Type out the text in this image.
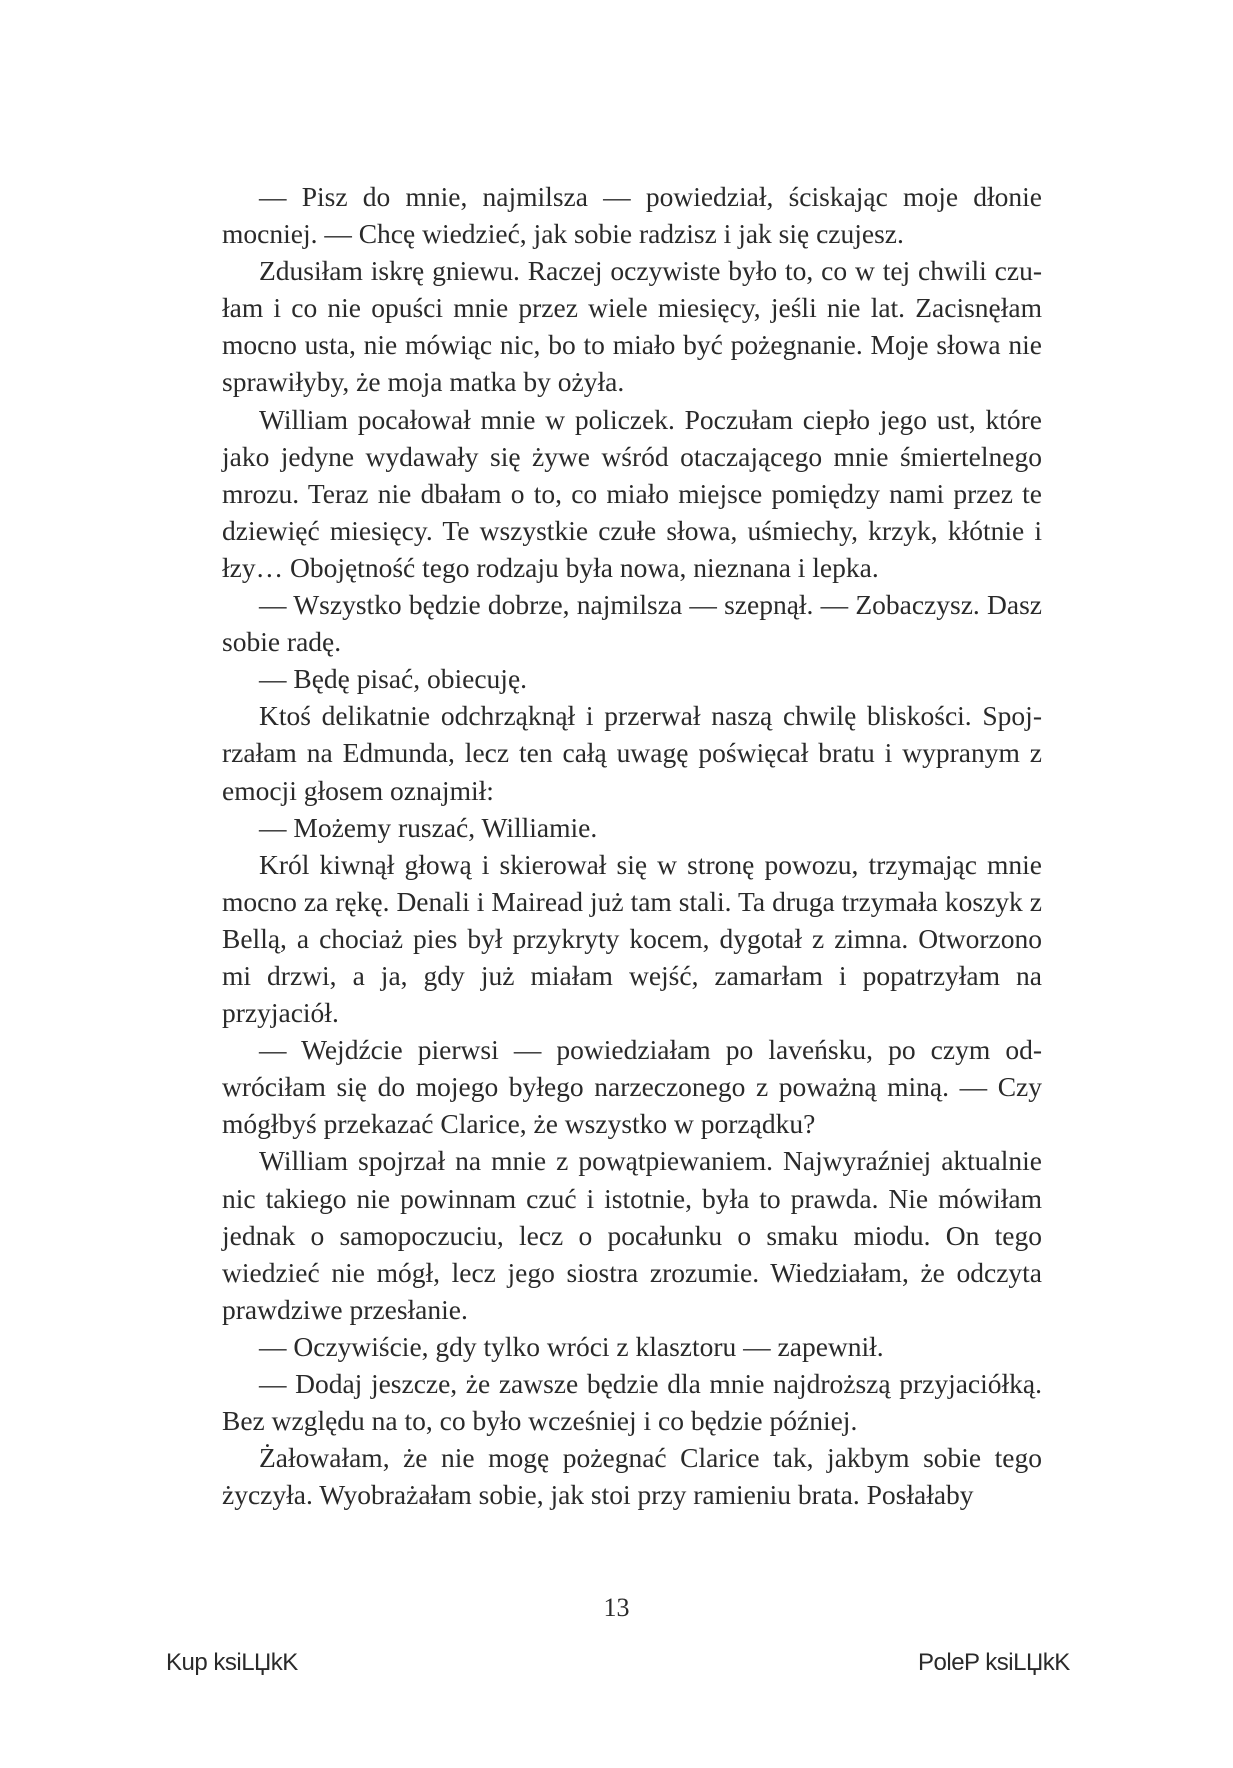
— Pisz do mnie, najmilsza — powiedział, ściskając moje dłonie mocniej. — Chcę wiedzieć, jak sobie radzisz i jak się czujesz.

Zdusiłam iskrę gniewu. Raczej oczywiste było to, co w tej chwili czułam i co nie opuści mnie przez wiele miesięcy, jeśli nie lat. Zacisnęłam mocno usta, nie mówiąc nic, bo to miało być pożegnanie. Moje słowa nie sprawiłyby, że moja matka by ożyła.

William pocałował mnie w policzek. Poczułam ciepło jego ust, które jako jedyne wydawały się żywe wśród otaczającego mnie śmiertelnego mrozu. Teraz nie dbałam o to, co miało miejsce pomiędzy nami przez te dziewięć miesięcy. Te wszystkie czułe słowa, uśmiechy, krzyk, kłótnie i łzy… Obojętność tego rodzaju była nowa, nieznana i lepka.

— Wszystko będzie dobrze, najmilsza — szepnął. — Zobaczysz. Dasz sobie radę.

— Będę pisać, obiecuję.

Ktoś delikatnie odchrząknął i przerwał naszą chwilę bliskości. Spojrzałam na Edmunda, lecz ten całą uwagę poświęcał bratu i wypranym z emocji głosem oznajmił:

— Możemy ruszać, Williamie.

Król kiwnął głową i skierował się w stronę powozu, trzymając mnie mocno za rękę. Denali i Mairead już tam stali. Ta druga trzymała koszyk z Bellą, a chociaż pies był przykryty kocem, dygotał z zimna. Otworzono mi drzwi, a ja, gdy już miałam wejść, zamarłam i popatrzyłam na przyjaciół.

— Wejdźcie pierwsi — powiedziałam po laveńsku, po czym odwróciłam się do mojego byłego narzeczonego z poważną miną. — Czy mógłbyś przekazać Clarice, że wszystko w porządku?

William spojrzał na mnie z powątpiewaniem. Najwyraźniej aktualnie nic takiego nie powinnam czuć i istotnie, była to prawda. Nie mówiłam jednak o samopoczuciu, lecz o pocałunku o smaku miodu. On tego wiedzieć nie mógł, lecz jego siostra zrozumie. Wiedziałam, że odczyta prawdziwe przesłanie.

— Oczywiście, gdy tylko wróci z klasztoru — zapewnił.

— Dodaj jeszcze, że zawsze będzie dla mnie najdroższą przyjaciółką. Bez względu na to, co było wcześniej i co będzie później.

Żałowałam, że nie mogę pożegnać Clarice tak, jakbym sobie tego życzyła. Wyobrażałam sobie, jak stoi przy ramieniu brata. Posłałaby

13
Kup ksiLЏkK	PoleP ksiLЏkK
